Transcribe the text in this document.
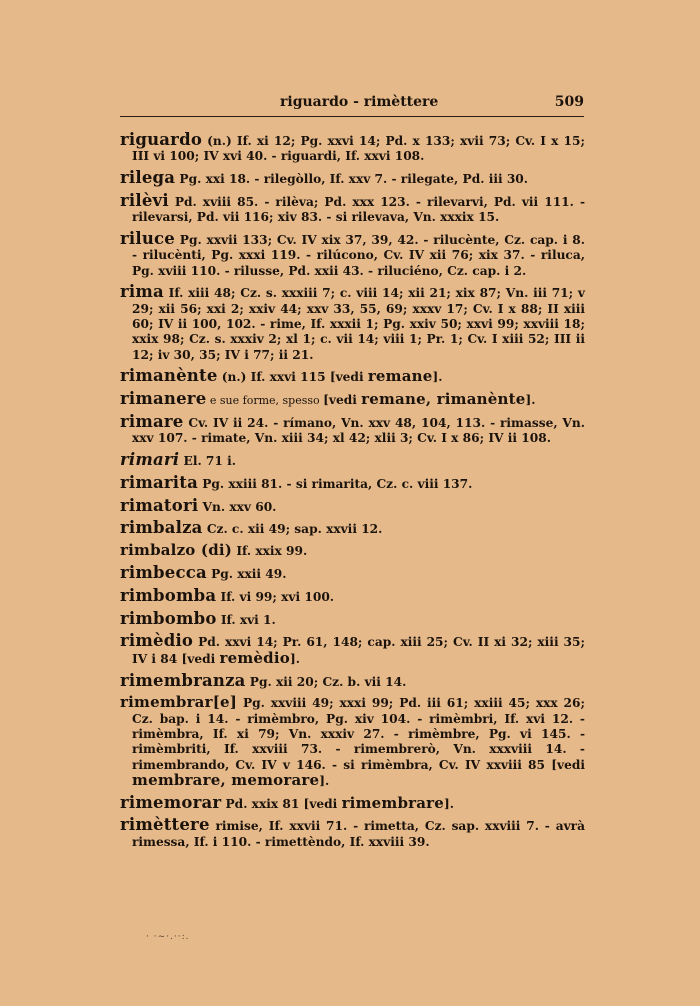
riguardo - rimèttere	509
riguardo (n.) If. xi 12; Pg. xxvi 14; Pd. x 133; xvii 73; Cv. I x 15; III vi 100; IV xvi 40. - riguardi, If. xxvi 108.
rilega Pg. xxi 18. - rilegòllo, If. xxv 7. - rilegate, Pd. iii 30.
rilèvi Pd. xviii 85. - rilèva; Pd. xxx 123. - rilevarvi, Pd. vii 111. - rilevarsi, Pd. vii 116; xiv 83. - si rilevava, Vn. xxxix 15.
riluce Pg. xxvii 133; Cv. IV xix 37, 39, 42. - rilucènte, Cz. cap. i 8. - rilucènti, Pg. xxxi 119. - rilúcono, Cv. IV xii 76; xix 37. - riluca, Pg. xviii 110. - rilusse, Pd. xxii 43. - riluciéno, Cz. cap. i 2.
rima If. xiii 48; Cz. s. xxxiii 7; c. viii 14; xii 21; xix 87; Vn. iii 71; v 29; xii 56; xxi 2; xxiv 44; xxv 33, 55, 69; xxxv 17; Cv. I x 88; II xiii 60; IV ii 100, 102. - rime, If. xxxii 1; Pg. xxiv 50; xxvi 99; xxviii 18; xxix 98; Cz. s. xxxiv 2; xl 1; c. vii 14; viii 1; Pr. 1; Cv. I xiii 52; III ii 12; iv 30, 35; IV i 77; ii 21.
rimanènte (n.) If. xxvi 115 [vedi remane].
rimanere e sue forme, spesso [vedi remane, rimanènte].
rimare Cv. IV ii 24. - rímano, Vn. xxv 48, 104, 113. - rimasse, Vn. xxv 107. - rimate, Vn. xiii 34; xl 42; xlii 3; Cv. I x 86; IV ii 108.
rimari El. 71 i.
rimarita Pg. xxiii 81. - si rimarita, Cz. c. viii 137.
rimatori Vn. xxv 60.
rimbalza Cz. c. xii 49; sap. xxvii 12.
rimbalzo (di) If. xxix 99.
rimbecca Pg. xxii 49.
rimbomba If. vi 99; xvi 100.
rimbombo If. xvi 1.
rimèdio Pd. xxvi 14; Pr. 61, 148; cap. xiii 25; Cv. II xi 32; xiii 35; IV i 84 [vedi remèdio].
rimembranza Pg. xii 20; Cz. b. vii 14.
rimembrar[e] Pg. xxviii 49; xxxi 99; Pd. iii 61; xxiii 45; xxx 26; Cz. bap. i 14. - rimèmbro, Pg. xiv 104. - rimèmbri, If. xvi 12. - rimèmbra, If. xi 79; Vn. xxxiv 27. - rimèmbre, Pg. vi 145. - rimèmbriti, If. xxviii 73. - rimembrerò, Vn. xxxviii 14. - rimembrando, Cv. IV v 146. - si rimèmbra, Cv. IV xxviii 85 [vedi membrare, memorare].
rimemorar Pd. xxix 81 [vedi rimembrare].
rimèttere rimise, If. xxvii 71. - rimetta, Cz. sap. xxviii 7. - avrà rimessa, If. i 110. - rimettèndo, If. xxviii 39.
· ·~·.··:.
